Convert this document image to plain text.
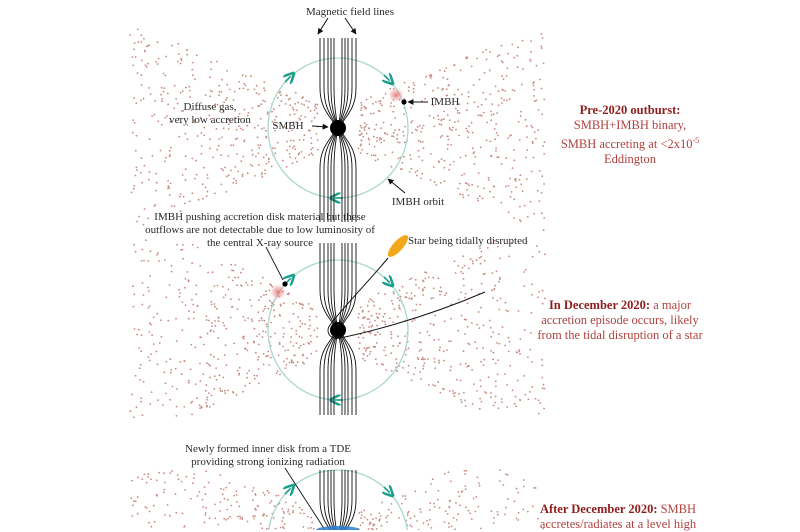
Magnetic field lines
Diffuse gas,
very low accretion	SMBH
IMBH
IMBH orbit
Pre-2020 outburst:
SMBH+IMBH binary,
SMBH accreting at $<2x10^{-5}$
Eddington
IMBH pushing accretion disk material but these
outflows are not detectable due to low luminosity of
the central X-ray source	Star being tidally disrupted
In December 2020: a major
accretion episode occurs, likely
from the tidal disruption of a star
Newly formed inner disk from a TDE
providing strong ionizing radiation
After December 2020: SMBH
accretes/radiates at a level high
